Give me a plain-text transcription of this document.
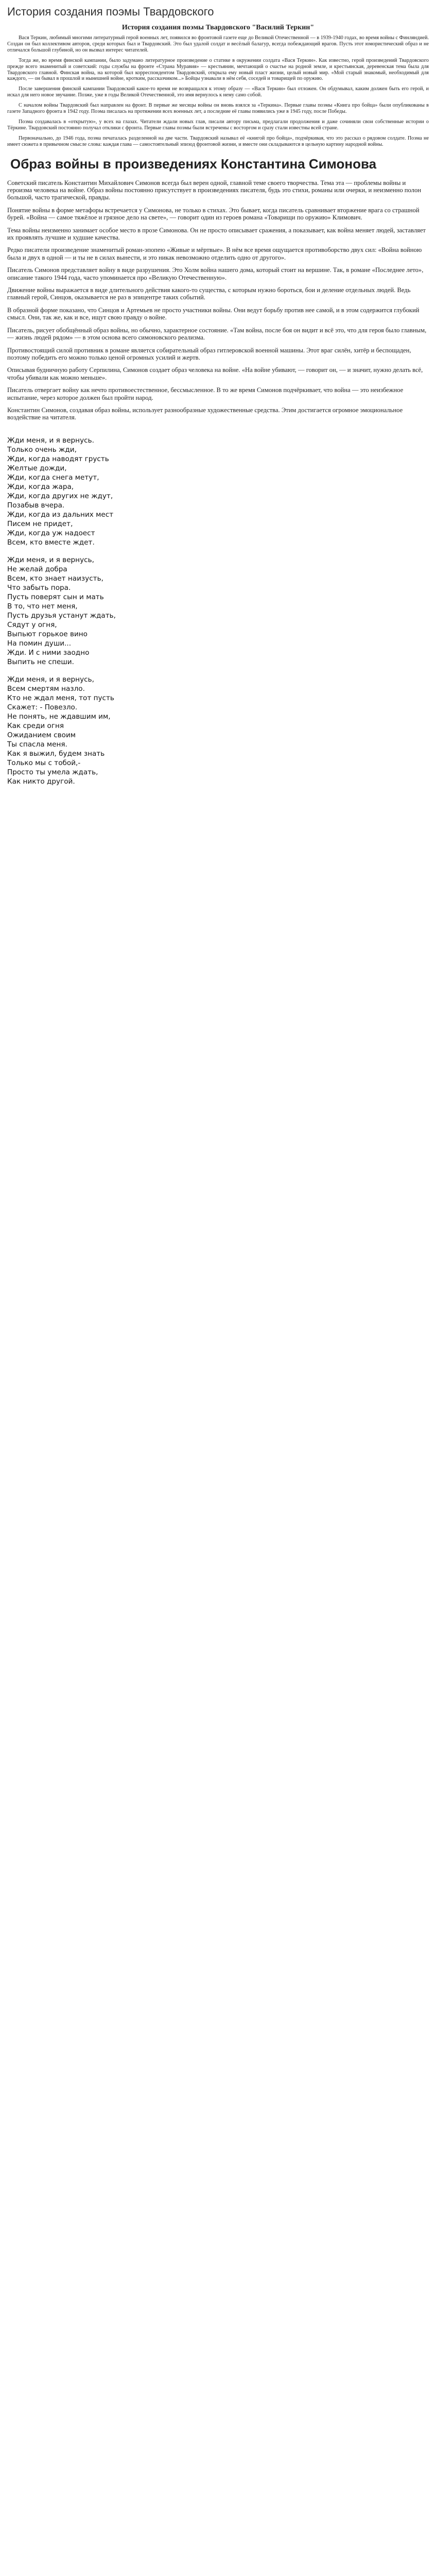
История создания поэмы Твардовского
История создания поэмы Твардовского "Василий Теркин"

Вася Теркин, любимый многими литературный герой военных лет, появился во фронтовой газете еще до Великой Отечественной — в 1939-1940 годах, во время войны с Финляндией. Создан он был коллективом авторов, среди которых был и Твардовский. Это был удалой солдат и весёлый балагур, всегда побеждающий врагов. Пусть этот юмористический образ и не отличался большой глубиной, но он вызвал интерес читателей.

Тогда же, во время финской кампании, было задумано литературное произведение о статике в окружении солдата «Вася Теркин». Как известно, герой произведений Твардовского прежде всего знаменитый и советский: годы службы на фронте «Страна Муравия» — крестьянин, мечтающий о счастье на родной земле, и крестьянская, деревенская тема была для Твардовского главной. Финская война, на которой был корреспондентом Твардовский, открыла ему новый пласт жизни, целый новый мир. «Мой старый знакомый, необходимый для каждого, — он бывал в прошлой и нынешней войне, кротким, рассказчиком...» Бойцы узнавали в нём себя, соседей и товарищей по оружию.

После завершения финской кампании Твардовский какое-то время не возвращался к этому образу — «Вася Теркин» был отложен. Он обдумывал, каким должен быть его герой, и искал для него новое звучание. Позже, уже в годы Великой Отечественной, это имя вернулось к нему само собой.

С началом войны Твардовский был направлен на фронт. В первые же месяцы войны он вновь взялся за «Теркина». Первые главы поэмы «Книга про бойца» были опубликованы в газете Западного фронта в 1942 году. Поэма писалась на протяжении всех военных лет, а последние её главы появились уже в 1945 году, после Победы.

Поэма создавалась в «открытую», у всех на глазах. Читатели ждали новых глав, писали автору письма, предлагали продолжения и даже сочиняли свои собственные истории о Тёркине. Твардовский постоянно получал отклики с фронта. Первые главы поэмы были встречены с восторгом и сразу стали известны всей стране.

Первоначально, до 1946 года, поэма печаталась разделенной на две части. Твардовский называл её «книгой про бойца», подчёркивая, что это рассказ о рядовом солдате. Поэма не имеет сюжета в привычном смысле слова: каждая глава — самостоятельный эпизод фронтовой жизни, и вместе они складываются в цельную картину народной войны.

Образ войны в произведениях Константина Симонова

Советский писатель Константин Михайлович Симонов всегда был верен одной, главной теме своего творчества. Тема эта — проблемы войны и героизма человека на войне. Образ войны постоянно присутствует в произведениях писателя, будь это стихи, романы или очерки, и неизменно полон большой, часто трагической, правды.

Понятие войны в форме метафоры встречается у Симонова, не только в стихах. Это бывает, когда писатель сравнивает вторжение врага со страшной бурей. «Война — самое тяжёлое и грязное дело на свете», — говорит один из героев романа «Товарищи по оружию» Климович.

Тема войны неизменно занимает особое место в прозе Симонова. Он не просто описывает сражения, а показывает, как война меняет людей, заставляет их проявлять лучшие и худшие качества.

Редко писатели произведение знаменитый роман-эпопею «Живые и мёртвые». В нём все время ощущается противоборство двух сил: «Война войною была и двух в одной — и ты не в силах вынести, и это никак невозможно отделить одно от другого».

Писатель Симонов представляет войну в виде разрушения. Это Холм война нашего дома, который стоит на вершине. Так, в романе «Последнее лето», описание такого 1944 года, часто упоминается про «Великую Отечественную».

Движение войны выражается в виде длительного действия какого-то существа, с которым нужно бороться, бои и деление отдельных людей. Ведь главный герой, Синцов, оказывается не раз в эпицентре таких событий.

В образной форме показано, что Синцов и Артемьев не просто участники войны. Они ведут борьбу против нее самой, и в этом содержится глубокий смысл. Они, так же, как и все, ищут свою правду о войне.

Писатель, рисует обобщённый образ войны, но обычно, характерное состояние. «Там война, после боя он видит и всё это, что для героя было главным, — жизнь людей рядом» — в этом основа всего симоновского реализма.

Противостоящий силой противник в романе является собирательный образ гитлеровской военной машины. Этот враг силён, хитёр и беспощаден, поэтому победить его можно только ценой огромных усилий и жертв.

Описывая будничную работу Серпилина, Симонов создает образ человека на войне. «На войне убивают, — говорит он, — и значит, нужно делать всё, чтобы убивали как можно меньше».

Писатель отвергает войну как нечто противоестественное, бессмысленное. В то же время Симонов подчёркивает, что война — это неизбежное испытание, через которое должен был пройти народ.

Константин Симонов, создавая образ войны, использует разнообразные художественные средства. Этим достигается огромное эмоциональное воздействие на читателя.

Жди меня, и я вернусь.
Только очень жди,
Жди, когда наводят грусть
Желтые дожди,
Жди, когда снега метут,
Жди, когда жара,
Жди, когда других не ждут,
Позабыв вчера.
Жди, когда из дальних мест
Писем не придет,
Жди, когда уж надоест
Всем, кто вместе ждет.
Жди меня, и я вернусь,
Не желай добра
Всем, кто знает наизусть,
Что забыть пора.
Пусть поверят сын и мать
В то, что нет меня,
Пусть друзья устанут ждать,
Сядут у огня,
Выпьют горькое вино
На помин души...
Жди. И с ними заодно
Выпить не спеши.
Жди меня, и я вернусь,
Всем смертям назло.
Кто не ждал меня, тот пусть
Скажет: - Повезло.
Не понять, не ждавшим им,
Как среди огня
Ожиданием своим
Ты спасла меня.
Как я выжил, будем знать
Только мы с тобой,-
Просто ты умела ждать,
Как никто другой.
